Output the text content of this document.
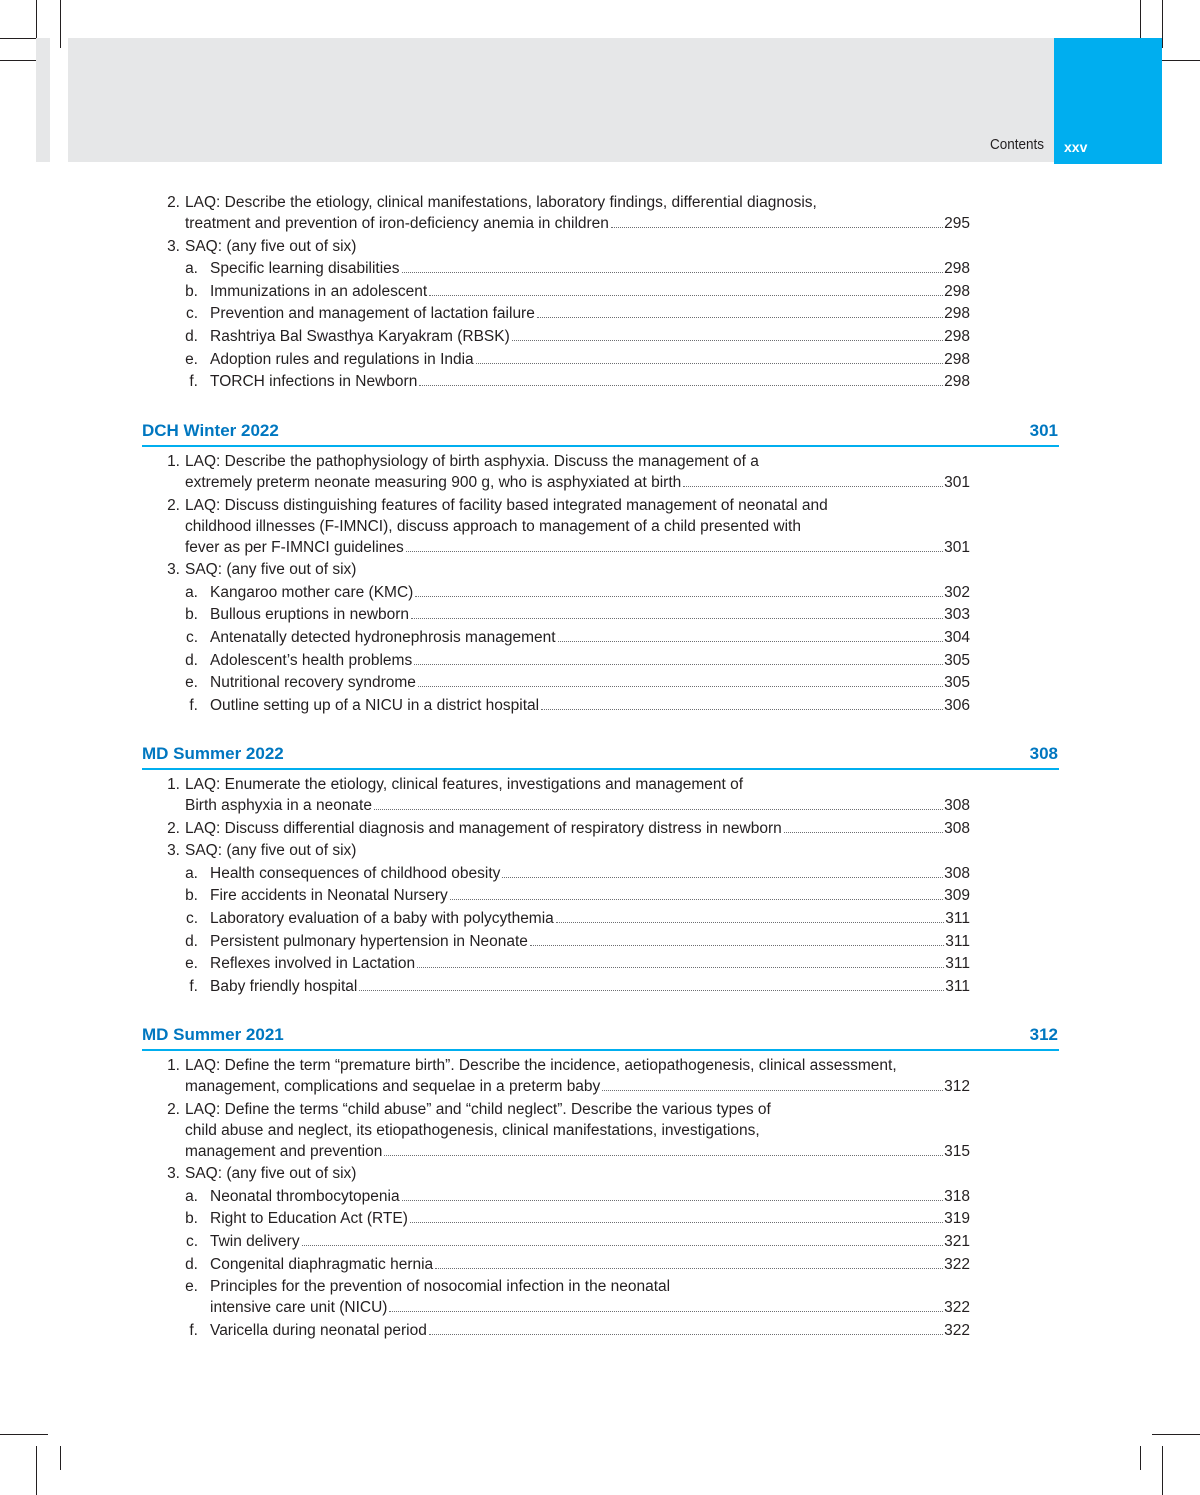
Contents xxv
2. LAQ: Describe the etiology, clinical manifestations, laboratory findings, differential diagnosis,
treatment and prevention of iron-deficiency anemia in children	295
3. SAQ: (any five out of six)
a. Specific learning disabilities	298
b. Immunizations in an adolescent	298
c. Prevention and management of lactation failure	298
d. Rashtriya Bal Swasthya Karyakram (RBSK)	298
e. Adoption rules and regulations in India	298
f. TORCH infections in Newborn	298
DCH Winter 2022	301
1. LAQ: Describe the pathophysiology of birth asphyxia. Discuss the management of a
extremely preterm neonate measuring 900 g, who is asphyxiated at birth	301
2. LAQ: Discuss distinguishing features of facility based integrated management of neonatal and
childhood illnesses (F-IMNCI), discuss approach to management of a child presented with
fever as per F-IMNCI guidelines	301
3. SAQ: (any five out of six)
a. Kangaroo mother care (KMC)	302
b. Bullous eruptions in newborn	303
c. Antenatally detected hydronephrosis management	304
d. Adolescent’s health problems	305
e. Nutritional recovery syndrome	305
f. Outline setting up of a NICU in a district hospital	306
MD Summer 2022	308
1. LAQ: Enumerate the etiology, clinical features, investigations and management of
Birth asphyxia in a neonate	308
2. LAQ: Discuss differential diagnosis and management of respiratory distress in newborn	308
3. SAQ: (any five out of six)
a. Health consequences of childhood obesity	308
b. Fire accidents in Neonatal Nursery	309
c. Laboratory evaluation of a baby with polycythemia	311
d. Persistent pulmonary hypertension in Neonate	311
e. Reflexes involved in Lactation	311
f. Baby friendly hospital	311
MD Summer 2021	312
1. LAQ: Define the term “premature birth”. Describe the incidence, aetiopathogenesis, clinical assessment,
management, complications and sequelae in a preterm baby	312
2. LAQ: Define the terms “child abuse” and “child neglect”. Describe the various types of
child abuse and neglect, its etiopathogenesis, clinical manifestations, investigations,
management and prevention	315
3. SAQ: (any five out of six)
a. Neonatal thrombocytopenia	318
b. Right to Education Act (RTE)	319
c. Twin delivery	321
d. Congenital diaphragmatic hernia	322
e. Principles for the prevention of nosocomial infection in the neonatal
intensive care unit (NICU)	322
f. Varicella during neonatal period	322
